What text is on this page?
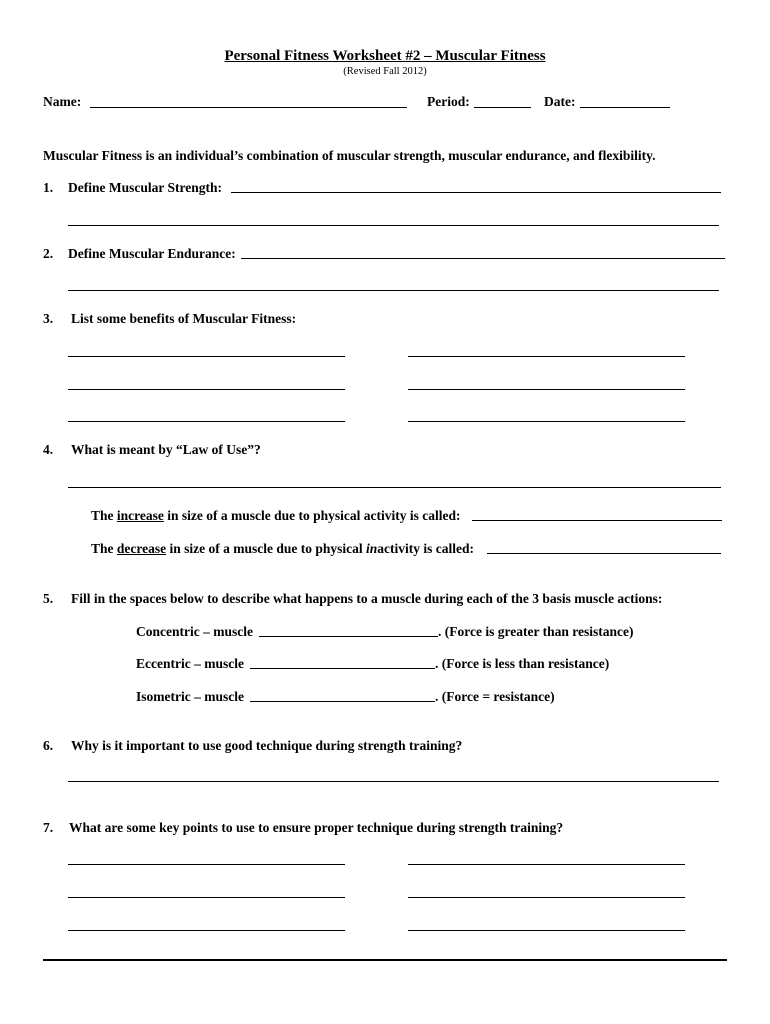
Personal Fitness Worksheet #2 – Muscular Fitness
(Revised Fall 2012)
Name:	Period:	Date:
Muscular Fitness is an individual’s combination of muscular strength, muscular endurance, and flexibility.
1. Define Muscular Strength:
2. Define Muscular Endurance:
3. List some benefits of Muscular Fitness:
4. What is meant by “Law of Use”?
The increase in size of a muscle due to physical activity is called:
The decrease in size of a muscle due to physical inactivity is called:
5. Fill in the spaces below to describe what happens to a muscle during each of the 3 basis muscle actions:
Concentric – muscle	. (Force is greater than resistance)
Eccentric – muscle	. (Force is less than resistance)
Isometric – muscle	. (Force = resistance)
6. Why is it important to use good technique during strength training?
7. What are some key points to use to ensure proper technique during strength training?
